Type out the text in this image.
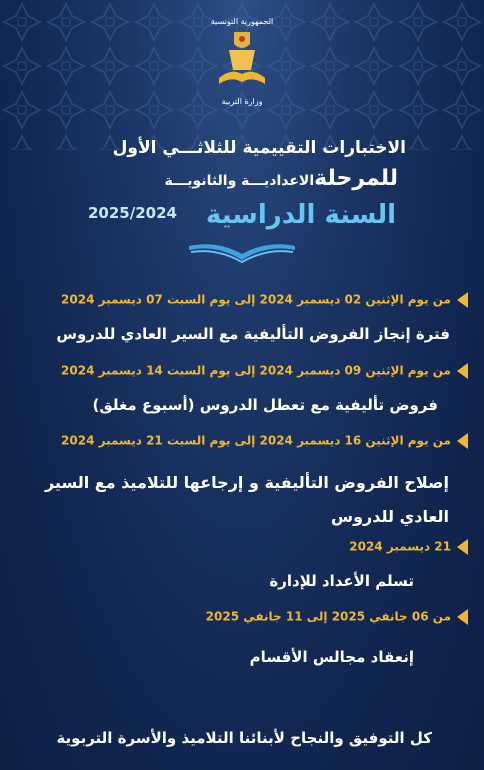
الجمهورية التونسية
وزارة التربية
الاختبارات التقييمية للثلاثـــي الأول
للمرحلةالاعداديـــة والثانويـــة
السنة الدراسية
2025/2024
من يوم الإثنين 02 ديسمبر 2024 إلى يوم السبت 07 ديسمبر 2024
فترة إنجاز الفروض التأليفية مع السير العادي للدروس
من يوم الإثنين 09 ديسمبر 2024 إلى يوم السبت 14 ديسمبر 2024
فروض تأليفية مع تعطل الدروس (أسبوع مغلق)
من يوم الإثنين 16 ديسمبر 2024 إلى يوم السبت 21 ديسمبر 2024
إصلاح الفروض التأليفية و إرجاعها للتلاميذ مع السير العادي للدروس
21 ديسمبر 2024
تسلم الأعداد للإدارة
من 06 جانفي 2025 إلى 11 جانفي 2025
إنعقاد مجالس الأقسام
كل التوفيق والنجاح لأبنائنا التلاميذ والأسرة التربوية
